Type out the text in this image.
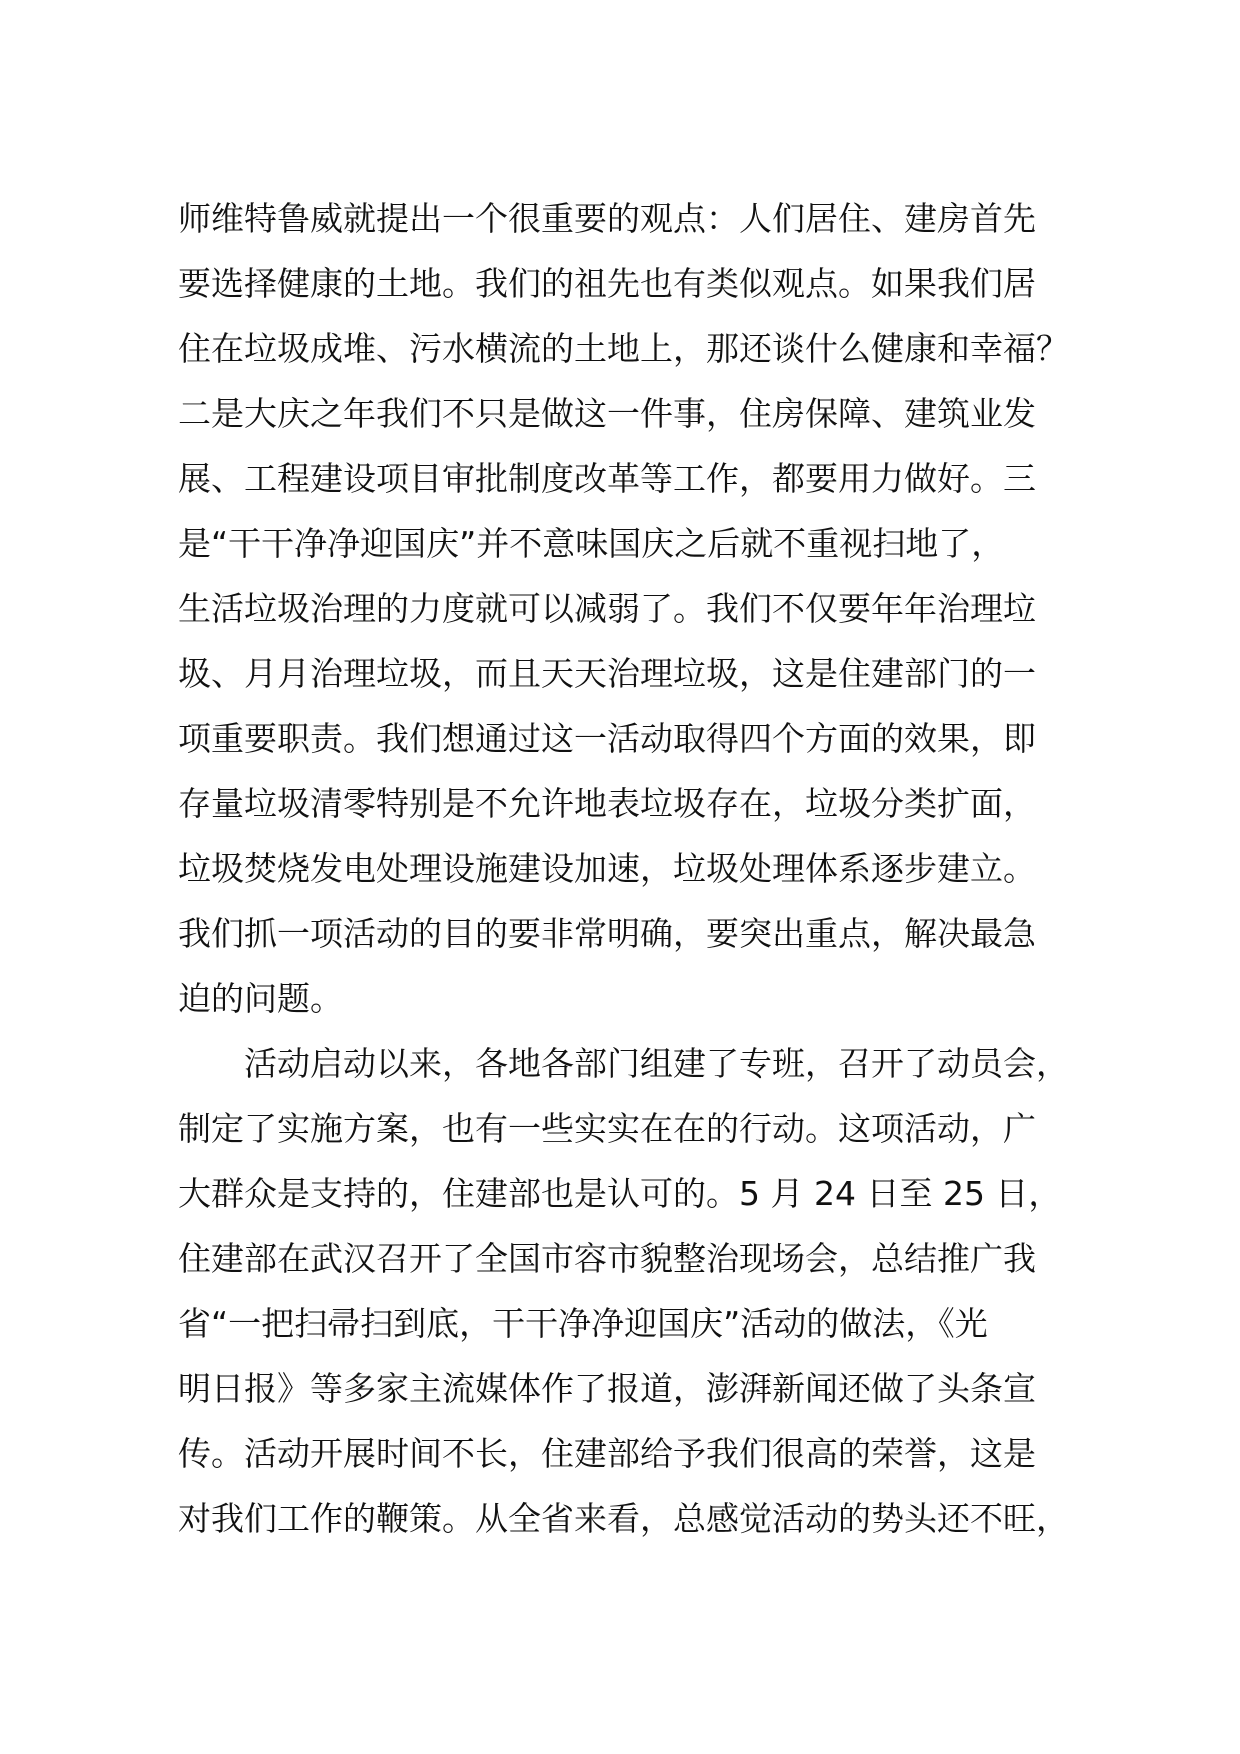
师维特鲁威就提出一个很重要的观点：人们居住、建房首先
要选择健康的土地。我们的祖先也有类似观点。如果我们居
住在垃圾成堆、污水横流的土地上，那还谈什么健康和幸福？
二是大庆之年我们不只是做这一件事，住房保障、建筑业发
展、工程建设项目审批制度改革等工作，都要用力做好。三
是“干干净净迎国庆”并不意味国庆之后就不重视扫地了，
生活垃圾治理的力度就可以减弱了。我们不仅要年年治理垃
圾、月月治理垃圾，而且天天治理垃圾，这是住建部门的一
项重要职责。我们想通过这一活动取得四个方面的效果，即
存量垃圾清零特别是不允许地表垃圾存在，垃圾分类扩面，
垃圾焚烧发电处理设施建设加速，垃圾处理体系逐步建立。
我们抓一项活动的目的要非常明确，要突出重点，解决最急
迫的问题。
活动启动以来，各地各部门组建了专班，召开了动员会，
制定了实施方案，也有一些实实在在的行动。这项活动，广
大群众是支持的，住建部也是认可的。5 月 24 日至 25 日，
住建部在武汉召开了全国市容市貌整治现场会，总结推广我
省“一把扫帚扫到底，干干净净迎国庆”活动的做法，《光
明日报》等多家主流媒体作了报道，澎湃新闻还做了头条宣
传。活动开展时间不长，住建部给予我们很高的荣誉，这是
对我们工作的鞭策。从全省来看，总感觉活动的势头还不旺，
